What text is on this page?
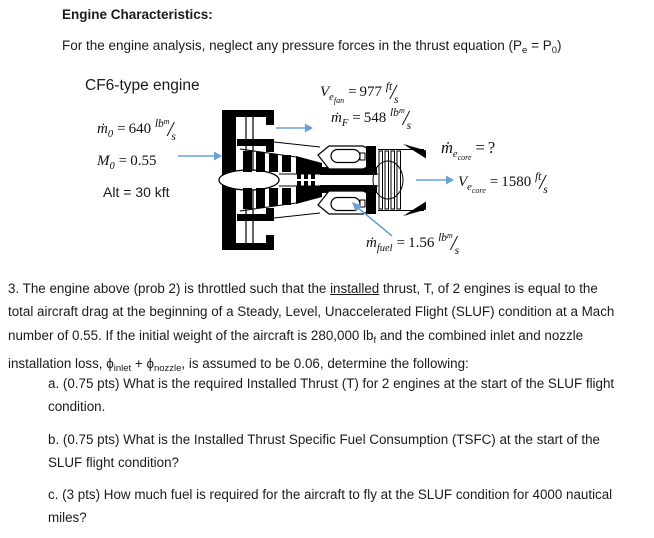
Engine Characteristics:
For the engine analysis, neglect any pressure forces in the thrust equation $(P_e = P_0)$
CF6-type engine
ṁ$_0$ = 640 $^{lb^m}$/ $_s$
$M_0 = 0.55$
Alt = 30 kft
$V_{efan}= 977$ $^{ft}$/ $_s$
ṁ$_F$ = 548 $^{lb^m}$/ $_s$
ṁ$_{ecore}$= ?
$V_{ecore}= 1580$ $^{ft}$/ $_s$
ṁ$_{fuel}$ = 1.56 $^{lb^m}$/ $_s$
3. The engine above (prob 2) is throttled such that the installed thrust, T, of 2 engines is equal to the
total aircraft drag at the beginning of a Steady, Level, Unaccelerated Flight (SLUF) condition at a Mach
number of 0.55. If the initial weight of the aircraft is 280,000 $lb_f$ and the combined inlet and nozzle
installation loss, $\phi_{inlet} + \phi_{nozzle}$, is assumed to be 0.06, determine the following:
a. (0.75 pts) What is the required Installed Thrust (T) for 2 engines at the start of the SLUF flight
condition.
b. (0.75 pts) What is the Installed Thrust Specific Fuel Consumption (TSFC) at the start of the
SLUF flight condition?
c. (3 pts) How much fuel is required for the aircraft to fly at the SLUF condition for 4000 nautical
miles?
